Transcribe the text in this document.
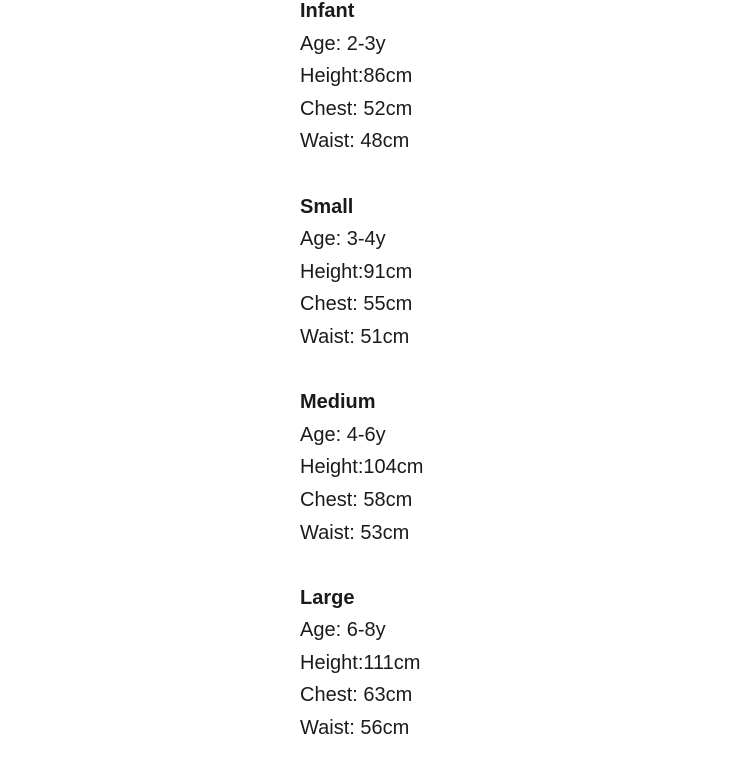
Infant
Age: 2-3y
Height:86cm
Chest: 52cm
Waist: 48cm
Small
Age: 3-4y
Height:91cm
Chest: 55cm
Waist: 51cm
Medium
Age: 4-6y
Height:104cm
Chest: 58cm
Waist: 53cm
Large
Age: 6-8y
Height:111cm
Chest: 63cm
Waist: 56cm
